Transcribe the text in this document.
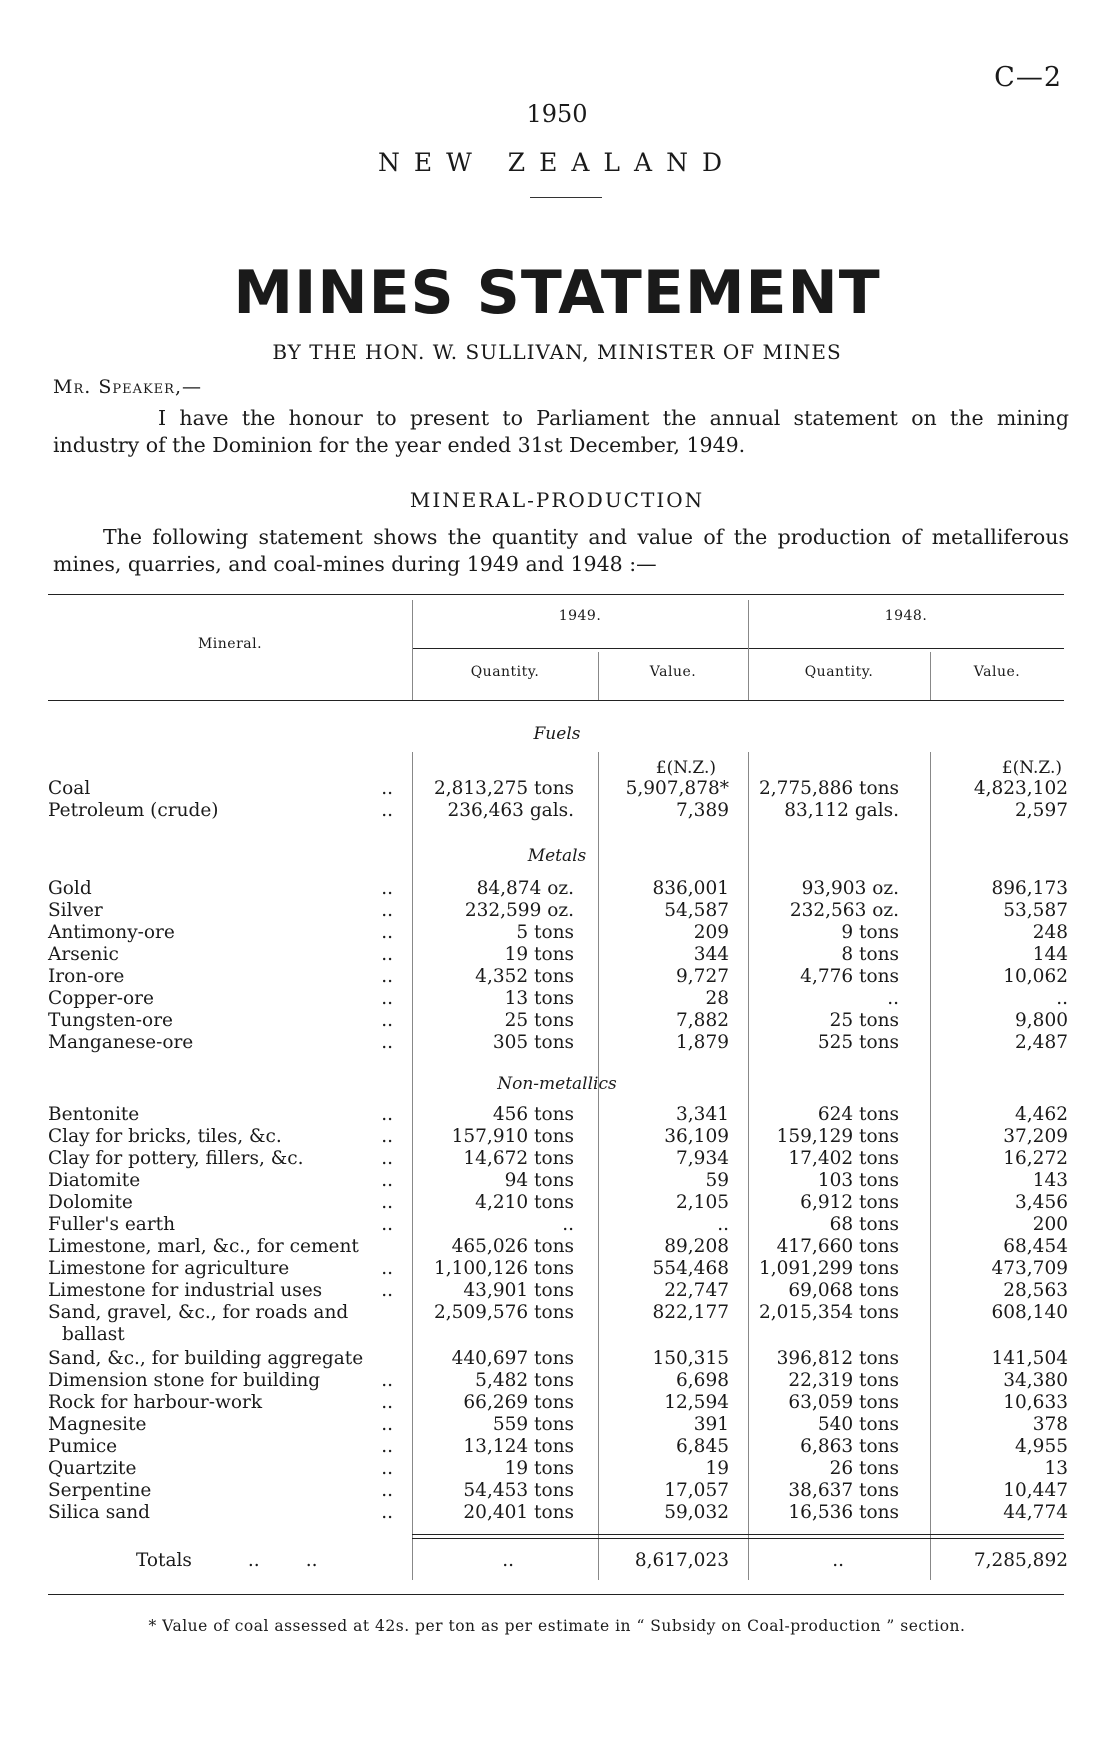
C—2
1950
NEW ZEALAND
MINES STATEMENT
BY THE HON. W. SULLIVAN, MINISTER OF MINES
Mr. Speaker,—
I have the honour to present to Parliament the annual statement on the mining industry of the Dominion for the year ended 31st December, 1949.
MINERAL-PRODUCTION
The following statement shows the quantity and value of the production of metalliferous mines, quarries, and coal-mines during 1949 and 1948 :—
Mineral.
1949.	1948.
Quantity.	Value.	Quantity.	Value.
Fuels
£(N.Z.)	£(N.Z.)
Coal	.. 2,813,275 tons	5,907,878* 2,775,886 tons	4,823,102
Petroleum (crude)	..	236,463 gals.	7,389	83,112 gals.	2,597
Metals
Gold	..	84,874 oz.	836,001	93,903 oz.	896,173
Silver	..	232,599 oz.	54,587	232,563 oz.	53,587
Antimony-ore	..	5 tons	209	9 tons	248
Arsenic	..	19 tons	344	8 tons	144
Iron-ore	..	4,352 tons	9,727	4,776 tons	10,062
Copper-ore	..	13 tons	28	..	..
Tungsten-ore	..	25 tons	7,882	25 tons	9,800
Manganese-ore	..	305 tons	1,879	525 tons	2,487
Non-metallics
Bentonite	..	456 tons	3,341	624 tons	4,462
Clay for bricks, tiles, &c.	..	157,910 tons	36,109	159,129 tons	37,209
Clay for pottery, fillers, &c.	..	14,672 tons	7,934	17,402 tons	16,272
Diatomite	..	94 tons	59	103 tons	143
Dolomite	..	4,210 tons	2,105	6,912 tons	3,456
Fuller's earth	..	..	..	68 tons	200
Limestone, marl, &c., for cement	465,026 tons	89,208	417,660 tons	68,454
Limestone for agriculture	.. 1,100,126 tons	554,468 1,091,299 tons	473,709
Limestone for industrial uses	..	43,901 tons	22,747	69,068 tons	28,563
Sand, gravel, &c., for roads and	2,509,576 tons	822,177 2,015,354 tons	608,140
ballast
Sand, &c., for building aggregate	440,697 tons	150,315	396,812 tons	141,504
Dimension stone for building	..	5,482 tons	6,698	22,319 tons	34,380
Rock for harbour-work	..	66,269 tons	12,594	63,059 tons	10,633
Magnesite	..	559 tons	391	540 tons	378
Pumice	..	13,124 tons	6,845	6,863 tons	4,955
Quartzite	..	19 tons	19	26 tons	13
Serpentine	..	54,453 tons	17,057	38,637 tons	10,447
Silica sand	..	20,401 tons	59,032	16,536 tons	44,774
Totals	.. ..	..	8,617,023	..	7,285,892
* Value of coal assessed at 42s. per ton as per estimate in “ Subsidy on Coal-production ” section.
